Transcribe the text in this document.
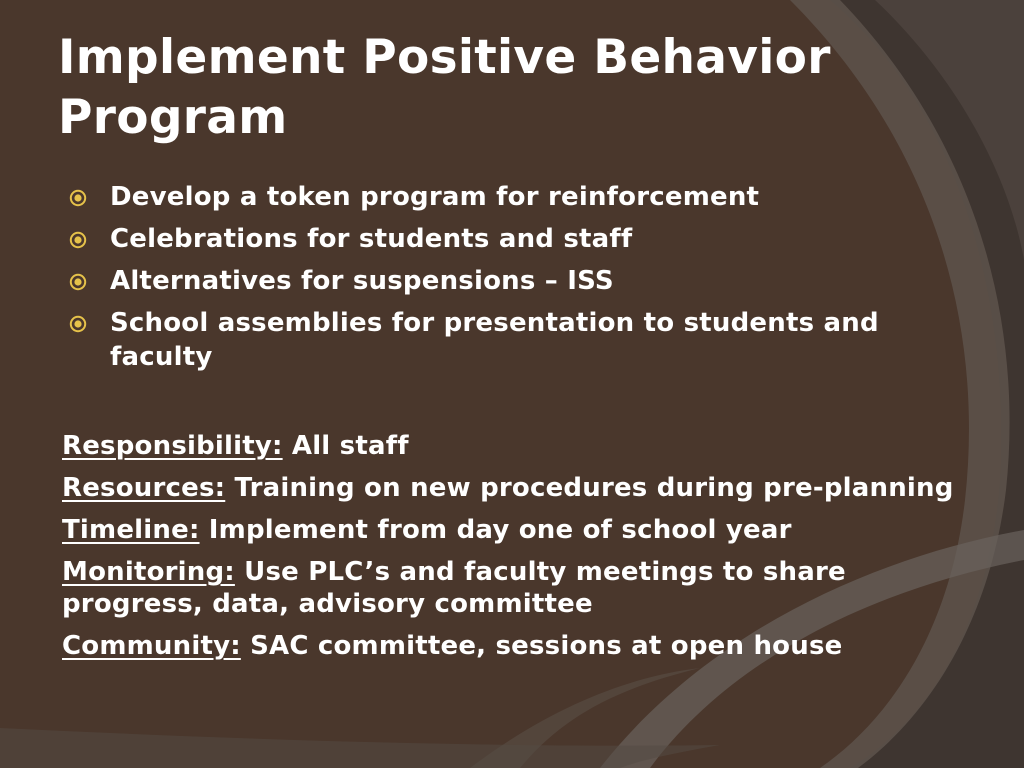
Implement Positive Behavior Program
Develop a token program for reinforcement
Celebrations for students and staff
Alternatives for suspensions – ISS
School assemblies for presentation to students and faculty
Responsibility: All staff
Resources: Training on new procedures during pre-planning
Timeline: Implement from day one of school year
Monitoring: Use PLC’s and faculty meetings to share progress, data, advisory committee
Community: SAC committee, sessions at open house
